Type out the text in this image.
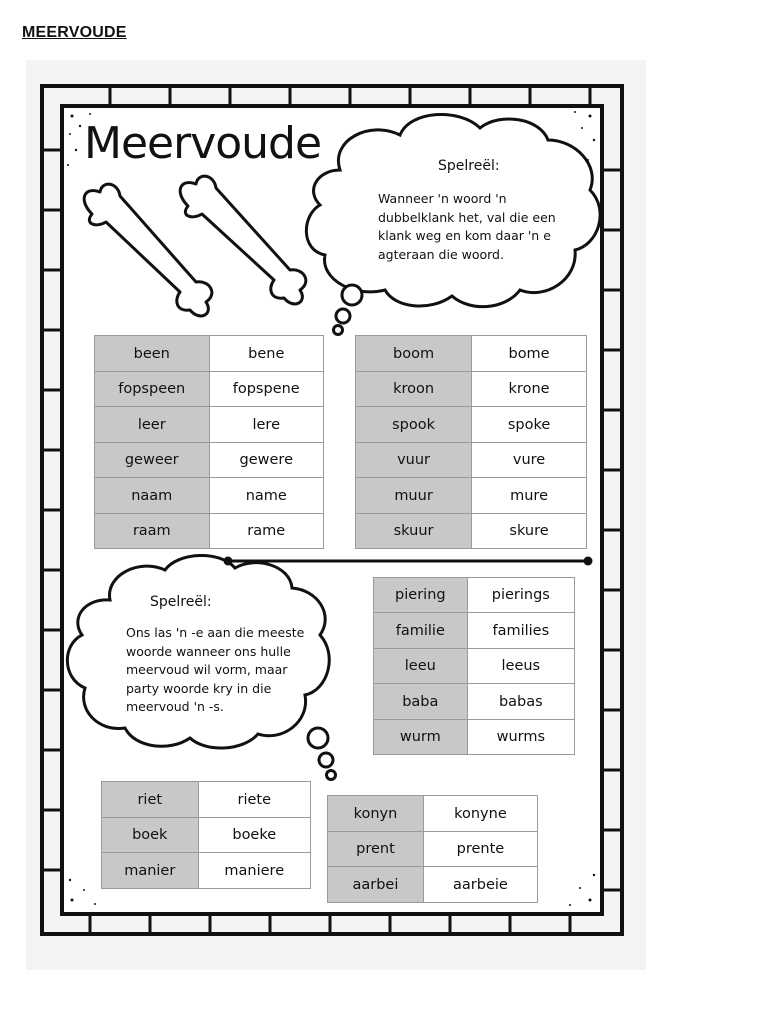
MEERVOUDE
Meervoude	Spelreël:
Wanneer 'n woord 'n
dubbelklank het, val die een
klank weg en kom daar 'n e
agteraan die woord.
Spelreël:
Ons las 'n -e aan die meeste
woorde wanneer ons hulle
meervoud wil vorm, maar
party woorde kry in die
meervoud 'n -s.
been	bene
fopspeen	fopspene
leer	lere
geweer	gewere
naam	name
raam	rame
boom	bome
kroon	krone
spook	spoke
vuur	vure
muur	mure
skuur	skure
piering	pierings
familie	families
leeu	leeus
baba	babas
wurm	wurms
riet	riete
boek	boeke
manier	maniere
konyn	konyne
prent	prente
aarbei	aarbeie
